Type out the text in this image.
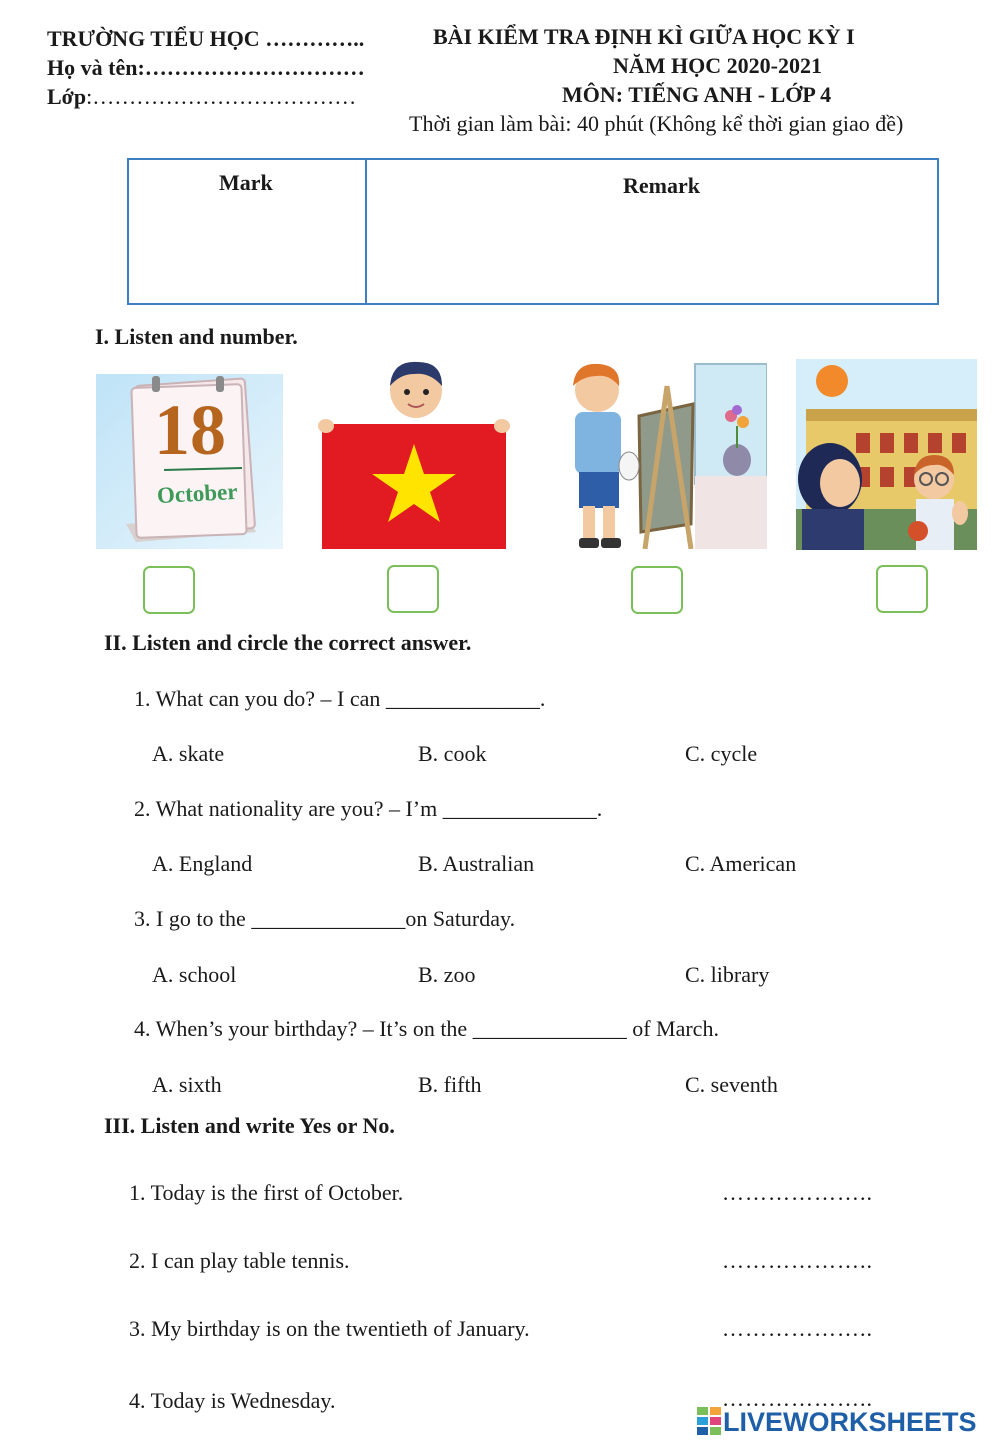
TRƯỜNG TIỂU HỌC …………..
Họ và tên:…………………………
Lớp:………………………………
BÀI KIỂM TRA ĐỊNH KÌ GIỮA HỌC KỲ I
NĂM HỌC 2020-2021
MÔN: TIẾNG ANH - LỚP 4
Thời gian làm bài: 40 phút (Không kể thời gian giao đề)
Mark	Remark
I. Listen and number.
18
October
II. Listen and circle the correct answer.
1. What can you do? – I can ______________.
A. skate	B. cook	C. cycle
2. What nationality are you? – I’m ______________.
A. England	B. Australian	C. American
3. I go to the ______________on Saturday.
A. school	B. zoo	C. library
4. When’s your birthday? – It’s on the ______________ of March.
A. sixth	B. fifth	C. seventh
III. Listen and write Yes or No.
1. Today is the first of October.	………………..
2. I can play table tennis.	………………..
3. My birthday is on the twentieth of January.	………………..
4. Today is Wednesday.	………………..
LIVEWORKSHEETS
